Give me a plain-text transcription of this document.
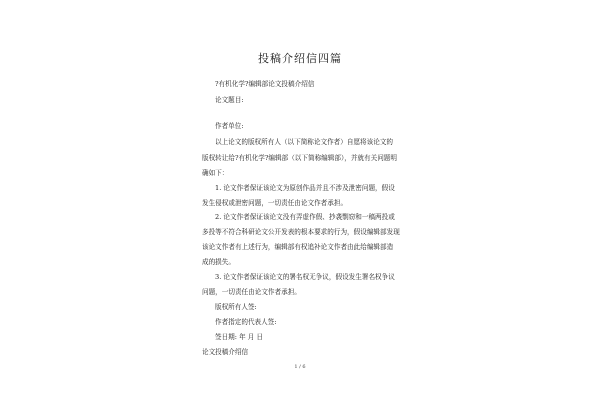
投稿介绍信四篇
?有机化学?编辑部论文投稿介绍信
论文题目:
作者单位:
以上论文的版权所有人（以下简称论文作者）自愿将该论文的
版权转让给?有机化学?编辑部（以下简称编辑部），并就有关问题明
确如下：
1. 论文作者保证该论文为原创作品并且不涉及泄密问题，假设
发生侵权或泄密问题，一切责任由论文作者承担。
2. 论文作者保证该论文没有弄虚作假、抄袭剽窃和一稿两投或
多投等不符合科研论文公开发表的根本要求的行为，假设编辑部发现
该论文作者有上述行为，编辑部有权追补论文作者由此给编辑部造
成的损失。
3. 论文作者保证该论文的署名权无争议，假设发生署名权争议
问题，一切责任由论文作者承担。
版权所有人签:
作者指定的代表人签:
签日期: 年 月 日
论文投稿介绍信
1 / 6
